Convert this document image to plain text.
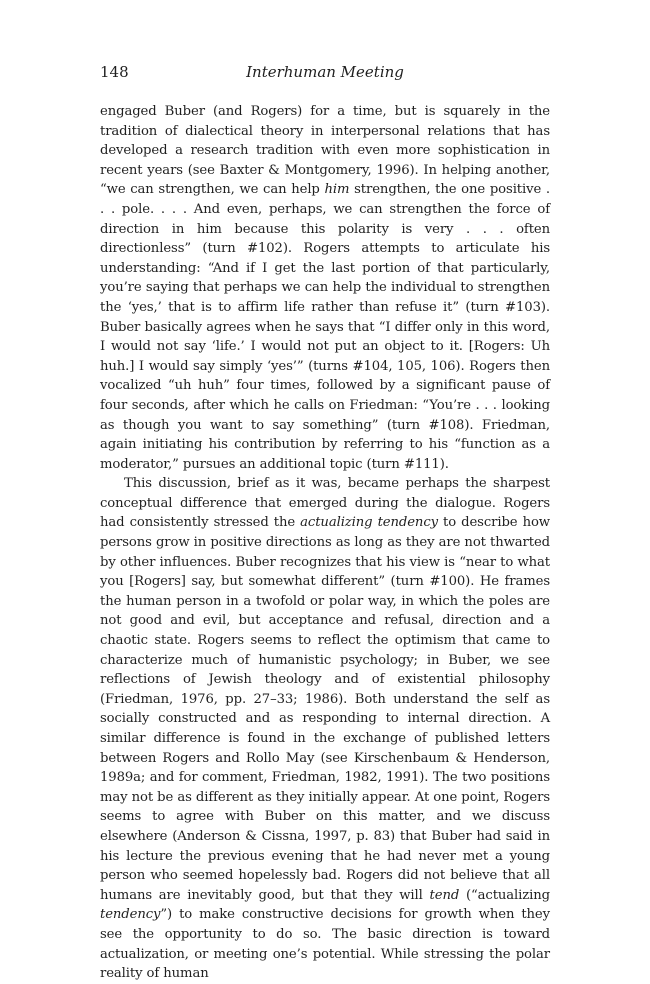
148	Interhuman Meeting

engaged Buber (and Rogers) for a time, but is squarely in the tradition of dialectical theory in interpersonal relations that has developed a research tradition with even more sophistication in recent years (see Baxter & Montgomery, 1996). In helping another, “we can strengthen, we can help him strengthen, the one positive . . . pole. . . . And even, perhaps, we can strengthen the force of direction in him because this polarity is very . . . often directionless” (turn #102). Rogers attempts to articulate his understanding: “And if I get the last portion of that particularly, you’re saying that perhaps we can help the individual to strengthen the ‘yes,’ that is to affirm life rather than refuse it” (turn #103). Buber basically agrees when he says that “I differ only in this word, I would not say ‘life.’ I would not put an object to it. [Rogers: Uh huh.] I would say simply ‘yes’” (turns #104, 105, 106). Rogers then vocalized “uh huh” four times, followed by a significant pause of four seconds, after which he calls on Friedman: “You’re . . . looking as though you want to say something” (turn #108). Friedman, again initiating his contribution by referring to his “function as a moderator,” pursues an additional topic (turn #111).

This discussion, brief as it was, became perhaps the sharpest conceptual difference that emerged during the dialogue. Rogers had consistently stressed the actualizing tendency to describe how persons grow in positive directions as long as they are not thwarted by other influences. Buber recognizes that his view is “near to what you [Rogers] say, but somewhat different” (turn #100). He frames the human person in a twofold or polar way, in which the poles are not good and evil, but acceptance and refusal, direction and a chaotic state. Rogers seems to reflect the optimism that came to characterize much of humanistic psychology; in Buber, we see reflections of Jewish theology and of existential philosophy (Friedman, 1976, pp. 27–33; 1986). Both understand the self as socially constructed and as responding to internal direction. A similar difference is found in the exchange of published letters between Rogers and Rollo May (see Kirschenbaum & Henderson, 1989a; and for comment, Friedman, 1982, 1991). The two positions may not be as different as they initially appear. At one point, Rogers seems to agree with Buber on this matter, and we discuss elsewhere (Anderson & Cissna, 1997, p. 83) that Buber had said in his lecture the previous evening that he had never met a young person who seemed hopelessly bad. Rogers did not believe that all humans are inevitably good, but that they will tend (“actualizing tendency”) to make constructive decisions for growth when they see the opportunity to do so. The basic direction is toward actualization, or meeting one’s potential. While stressing the polar reality of human
